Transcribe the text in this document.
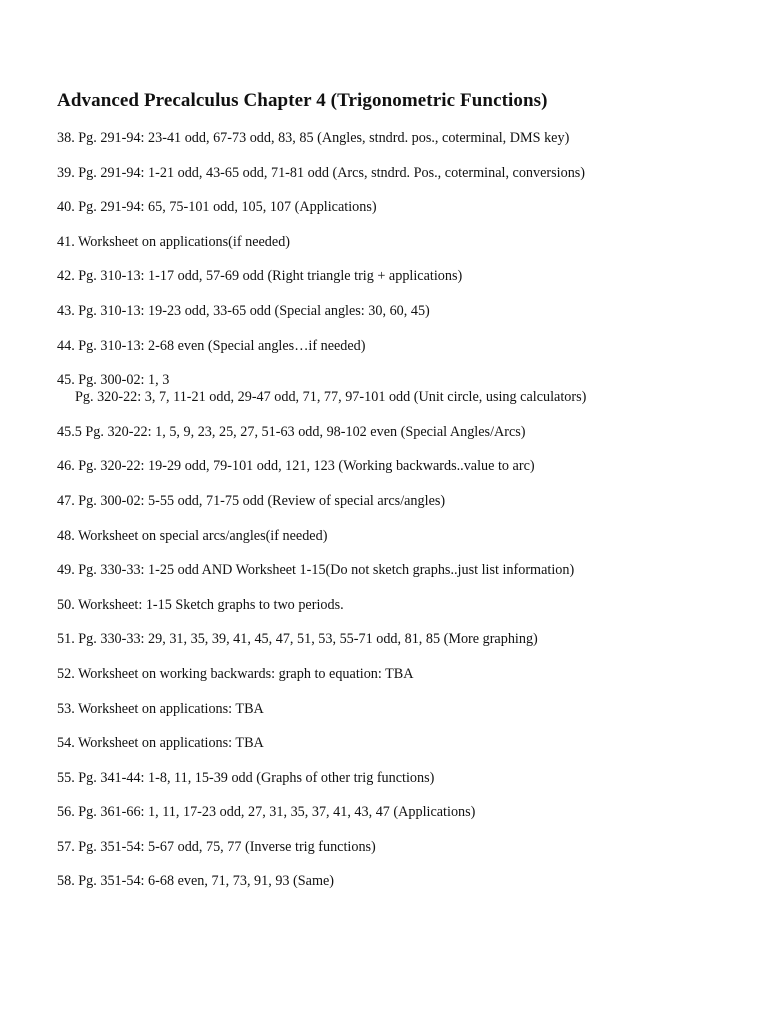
Advanced Precalculus Chapter 4 (Trigonometric Functions)
38. Pg. 291-94: 23-41 odd, 67-73 odd, 83, 85 (Angles, stndrd. pos., coterminal, DMS key)
39. Pg. 291-94: 1-21 odd, 43-65 odd, 71-81 odd (Arcs, stndrd. Pos., coterminal, conversions)
40. Pg. 291-94: 65, 75-101 odd, 105, 107 (Applications)
41. Worksheet on applications(if needed)
42. Pg. 310-13: 1-17 odd, 57-69 odd (Right triangle trig + applications)
43. Pg. 310-13: 19-23 odd, 33-65 odd (Special angles: 30, 60, 45)
44. Pg. 310-13: 2-68 even (Special angles…if needed)
45. Pg. 300-02: 1, 3
Pg. 320-22: 3, 7, 11-21 odd, 29-47 odd, 71, 77, 97-101 odd (Unit circle, using calculators)
45.5 Pg. 320-22: 1, 5, 9, 23, 25, 27, 51-63 odd, 98-102 even (Special Angles/Arcs)
46. Pg. 320-22: 19-29 odd, 79-101 odd, 121, 123 (Working backwards..value to arc)
47. Pg. 300-02: 5-55 odd, 71-75 odd (Review of special arcs/angles)
48. Worksheet on special arcs/angles(if needed)
49. Pg. 330-33: 1-25 odd AND Worksheet 1-15(Do not sketch graphs..just list information)
50. Worksheet: 1-15 Sketch graphs to two periods.
51. Pg. 330-33: 29, 31, 35, 39, 41, 45, 47, 51, 53, 55-71 odd, 81, 85 (More graphing)
52. Worksheet on working backwards: graph to equation: TBA
53. Worksheet on applications: TBA
54. Worksheet on applications: TBA
55. Pg. 341-44: 1-8, 11, 15-39 odd (Graphs of other trig functions)
56. Pg. 361-66: 1, 11, 17-23 odd, 27, 31, 35, 37, 41, 43, 47 (Applications)
57. Pg. 351-54: 5-67 odd, 75, 77 (Inverse trig functions)
58. Pg. 351-54: 6-68 even, 71, 73, 91, 93 (Same)
